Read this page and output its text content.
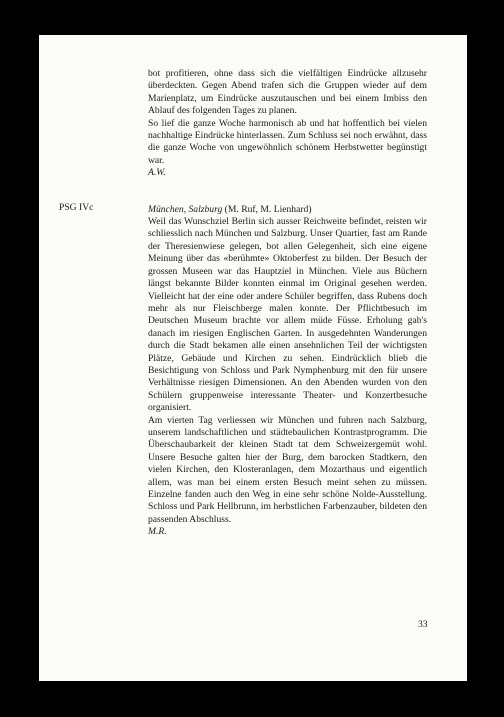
bot profitieren, ohne dass sich die vielfältigen Eindrücke allzusehr überdeckten. Gegen Abend trafen sich die Gruppen wieder auf dem Marienplatz, um Eindrücke auszutauschen und bei einem Imbiss den Ablauf des folgenden Tages zu planen.

So lief die ganze Woche harmonisch ab und hat hoffentlich bei vielen nachhaltige Eindrücke hinterlassen. Zum Schluss sei noch erwähnt, dass die ganze Woche von ungewöhnlich schönem Herbstwetter begünstigt war.

A.W.

München, Salzburg (M. Ruf, M. Lienhard)

Weil das Wunschziel Berlin sich ausser Reichweite befindet, reisten wir schliesslich nach München und Salzburg. Unser Quartier, fast am Rande der Theresienwiese gelegen, bot allen Gelegenheit, sich eine eigene Meinung über das «berühmte» Oktoberfest zu bilden. Der Besuch der grossen Museen war das Hauptziel in München. Viele aus Büchern längst bekannte Bilder konnten einmal im Original gesehen werden. Vielleicht hat der eine oder andere Schüler begriffen, dass Rubens doch mehr als nur Fleischberge malen konnte. Der Pflichtbesuch im Deutschen Museum brachte vor allem müde Füsse. Erholung gab's danach im riesigen Englischen Garten. In ausgedehnten Wanderungen durch die Stadt bekamen alle einen ansehnlichen Teil der wichtigsten Plätze, Gebäude und Kirchen zu sehen. Eindrücklich blieb die Besichtigung von Schloss und Park Nymphenburg mit den für unsere Verhältnisse riesigen Dimensionen. An den Abenden wurden von den Schülern gruppenweise interessante Theater- und Konzertbesuche organisiert.

Am vierten Tag verliessen wir München und fuhren nach Salzburg, unserem landschaftlichen und städtebaulichen Kontrastprogramm. Die Überschaubarkeit der kleinen Stadt tat dem Schweizergemüt wohl. Unsere Besuche galten hier der Burg, dem barocken Stadtkern, den vielen Kirchen, den Klosteranlagen, dem Mozarthaus und eigentlich allem, was man bei einem ersten Besuch meint sehen zu müssen. Einzelne fanden auch den Weg in eine sehr schöne Nolde-Ausstellung. Schloss und Park Hellbrunn, im herbstlichen Farbenzauber, bildeten den passenden Abschluss.

M.R.

PSG IVc
33
